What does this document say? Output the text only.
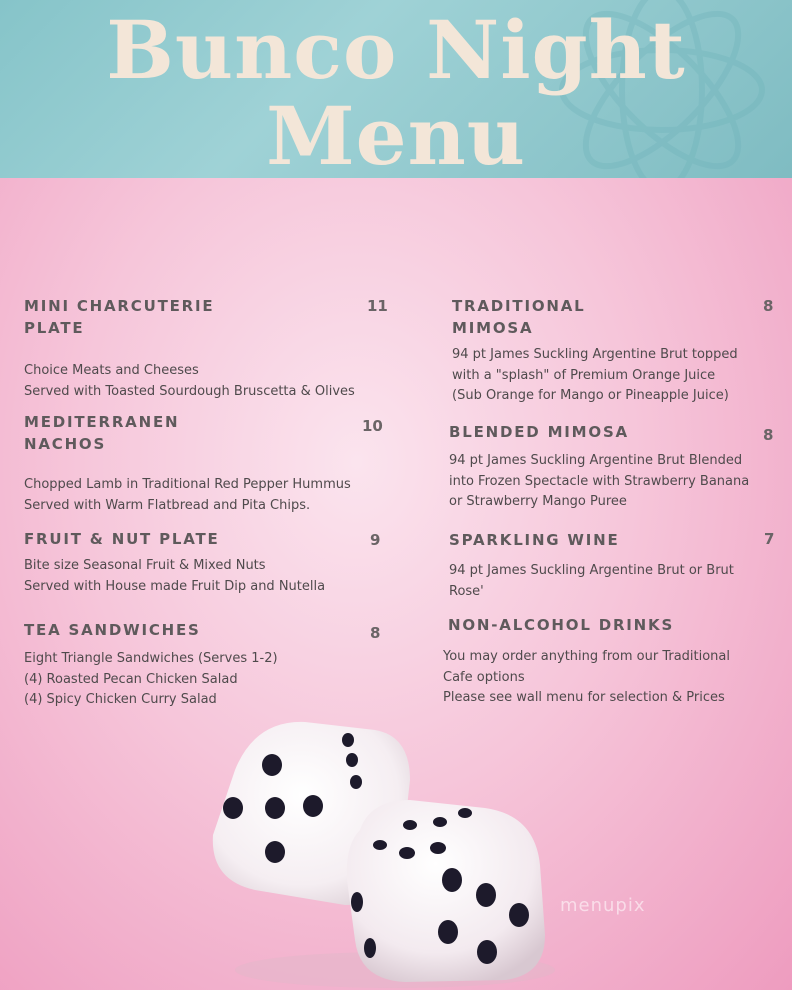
Bunco Night
Menu
MINI CHARCUTERIE PLATE
11
Choice Meats and Cheeses
Served with Toasted Sourdough Bruscetta & Olives
MEDITERRANEN NACHOS
10
Chopped Lamb in Traditional Red Pepper Hummus
Served with Warm Flatbread and Pita Chips.
FRUIT & NUT PLATE	9
Bite size Seasonal Fruit & Mixed Nuts
Served with House made Fruit Dip and Nutella
TEA SANDWICHES	8
Eight Triangle Sandwiches (Serves 1-2)
(4) Roasted Pecan Chicken Salad
(4) Spicy Chicken Curry Salad
TRADITIONAL MIMOSA
8
94 pt James Suckling Argentine Brut topped
with a "splash" of Premium Orange Juice
(Sub Orange for Mango or Pineapple Juice)
BLENDED MIMOSA	8
94 pt James Suckling Argentine Brut Blended
into Frozen Spectacle with Strawberry Banana
or Strawberry Mango Puree
SPARKLING WINE	7
94 pt James Suckling Argentine Brut or Brut
Rose'
NON-ALCOHOL DRINKS
You may order anything from our Traditional
Cafe options
Please see wall menu for selection & Prices
menupix
